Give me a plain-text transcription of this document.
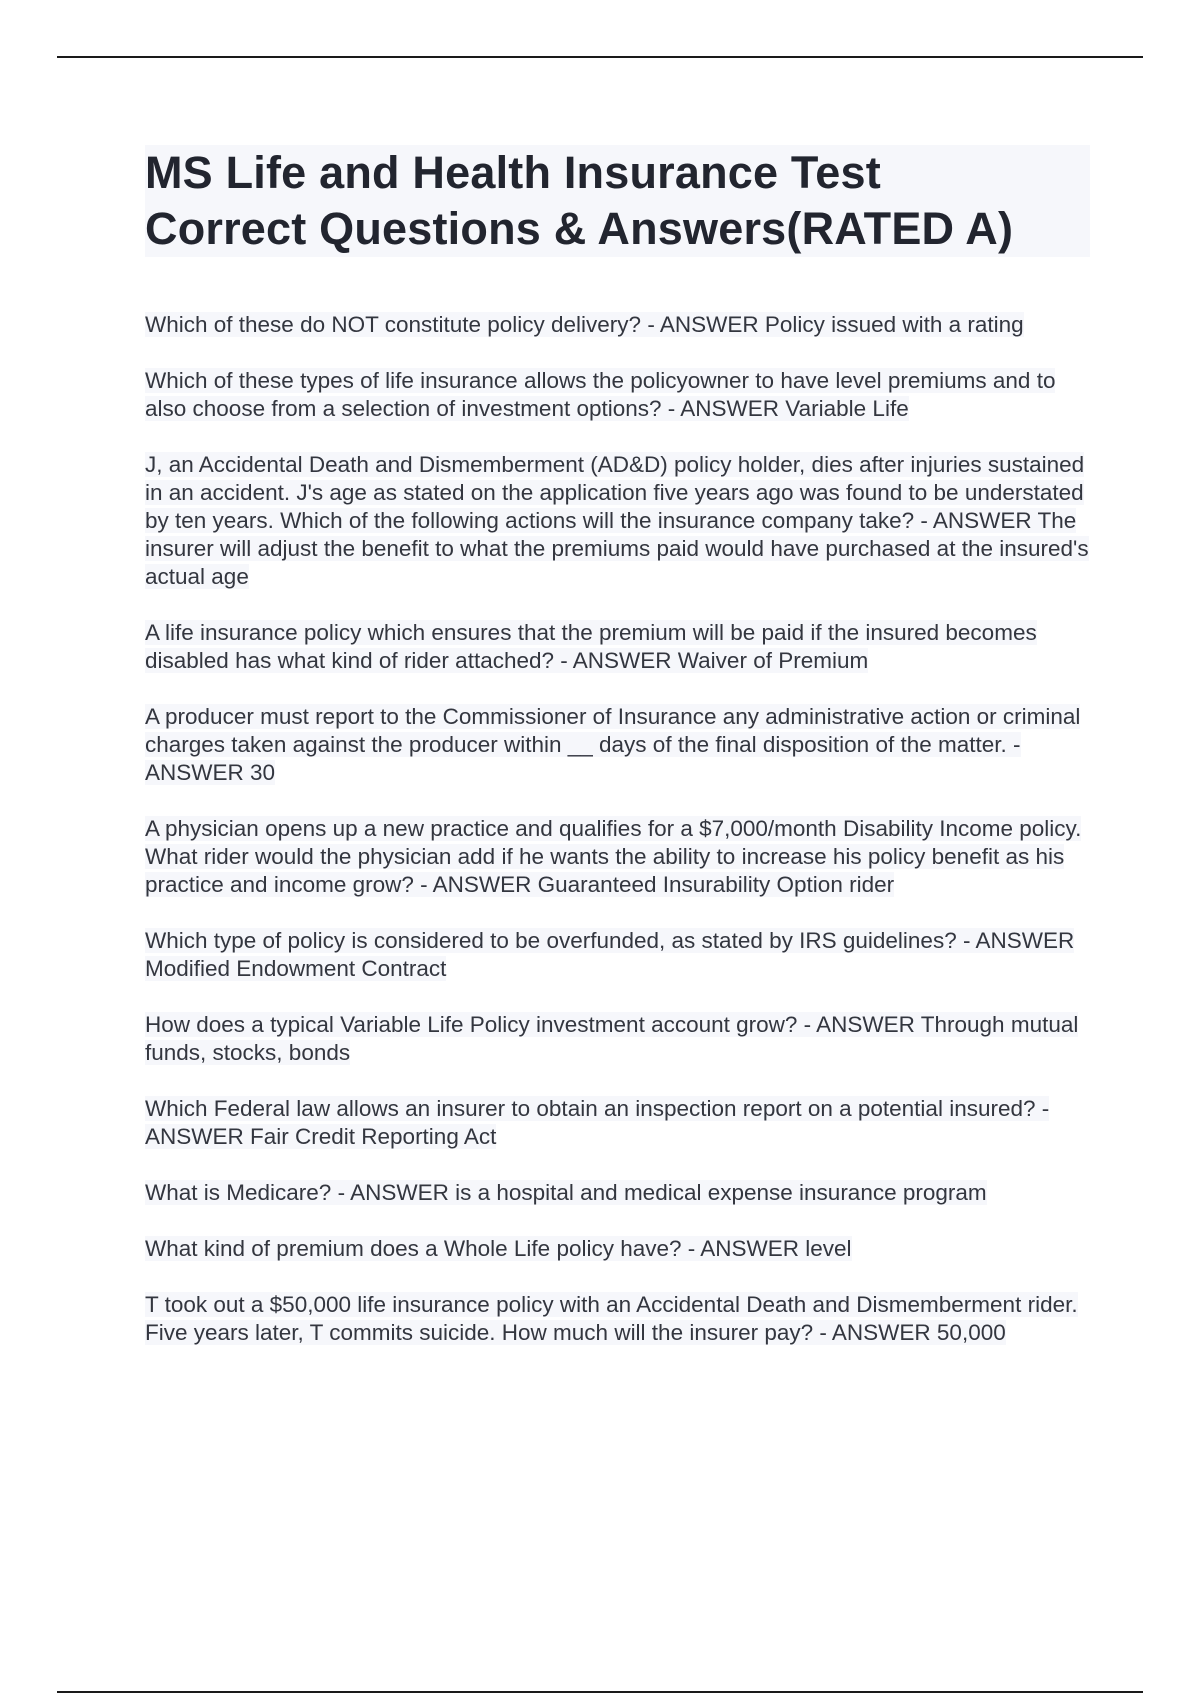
MS Life and Health Insurance Test
Correct Questions & Answers(RATED A)
Which of these do NOT constitute policy delivery? - ANSWER Policy issued with a rating
Which of these types of life insurance allows the policyowner to have level premiums and to also choose from a selection of investment options? - ANSWER Variable Life
J, an Accidental Death and Dismemberment (AD&D) policy holder, dies after injuries sustained in an accident. J's age as stated on the application five years ago was found to be understated by ten years. Which of the following actions will the insurance company take? - ANSWER The insurer will adjust the benefit to what the premiums paid would have purchased at the insured's actual age
A life insurance policy which ensures that the premium will be paid if the insured becomes disabled has what kind of rider attached? - ANSWER Waiver of Premium
A producer must report to the Commissioner of Insurance any administrative action or criminal charges taken against the producer within __ days of the final disposition of the matter. - ANSWER 30
A physician opens up a new practice and qualifies for a $7,000/month Disability Income policy. What rider would the physician add if he wants the ability to increase his policy benefit as his practice and income grow? - ANSWER Guaranteed Insurability Option rider
Which type of policy is considered to be overfunded, as stated by IRS guidelines? - ANSWER Modified Endowment Contract
How does a typical Variable Life Policy investment account grow? - ANSWER Through mutual funds, stocks, bonds
Which Federal law allows an insurer to obtain an inspection report on a potential insured? - ANSWER Fair Credit Reporting Act
What is Medicare? - ANSWER is a hospital and medical expense insurance program
What kind of premium does a Whole Life policy have? - ANSWER level
T took out a $50,000 life insurance policy with an Accidental Death and Dismemberment rider. Five years later, T commits suicide. How much will the insurer pay? - ANSWER 50,000
